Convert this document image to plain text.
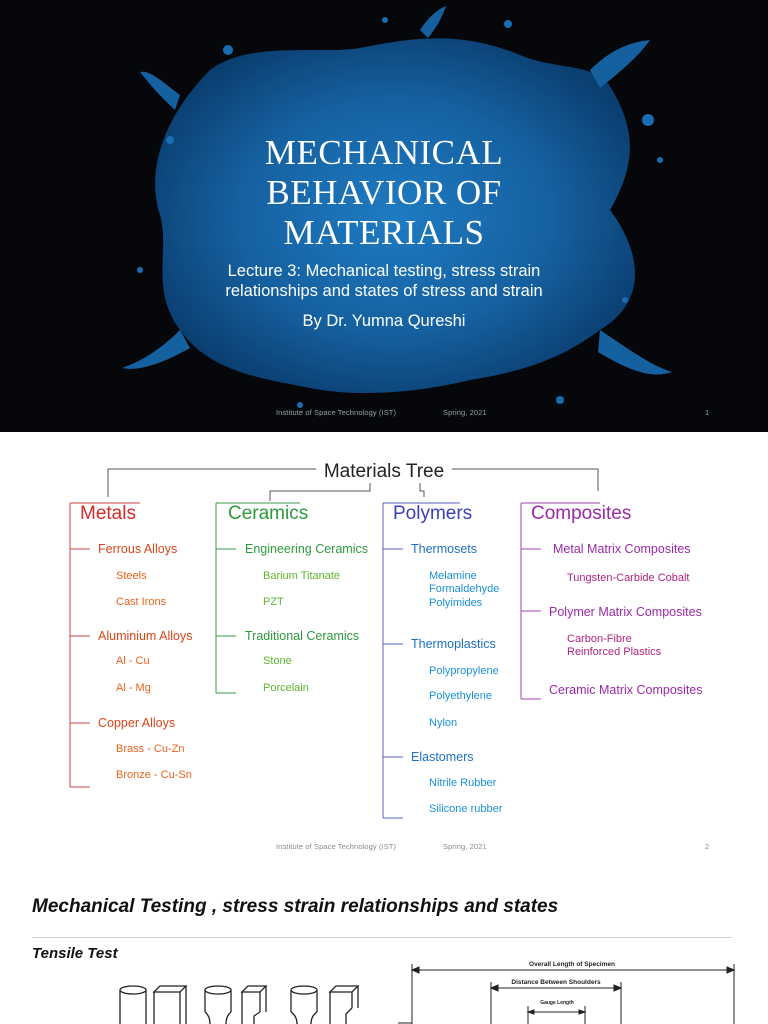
MECHANICAL
BEHAVIOR OF
MATERIALS
Lecture 3: Mechanical testing, stress strain
relationships and states of stress and strain
By Dr. Yumna Qureshi
Institute of Space Technology (IST)	Spring, 2021	1
Materials Tree
Metals
Ferrous Alloys
Steels
Cast Irons
Aluminium Alloys
Al - Cu
Al - Mg
Copper Alloys
Brass - Cu-Zn
Bronze - Cu-Sn
Ceramics
Engineering Ceramics
Barium Titanate
PZT
Traditional Ceramics
Stone
Porcelain
Polymers
Thermosets
Melamine Formaldehyde
Polyimides
Thermoplastics
Polypropylene
Polyethylene
Nylon
Elastomers
Nitrile Rubber
Silicone rubber
Composites
Metal Matrix Composites
Tungsten-Carbide Cobalt
Polymer Matrix Composites
Carbon-Fibre Reinforced Plastics
Ceramic Matrix Composites
Institute of Space Technology (IST)	Spring, 2021	2
Mechanical Testing , stress strain relationships and states
Tensile Test
Overall Length of Specimen
Distance Between Shoulders
Gauge Length
